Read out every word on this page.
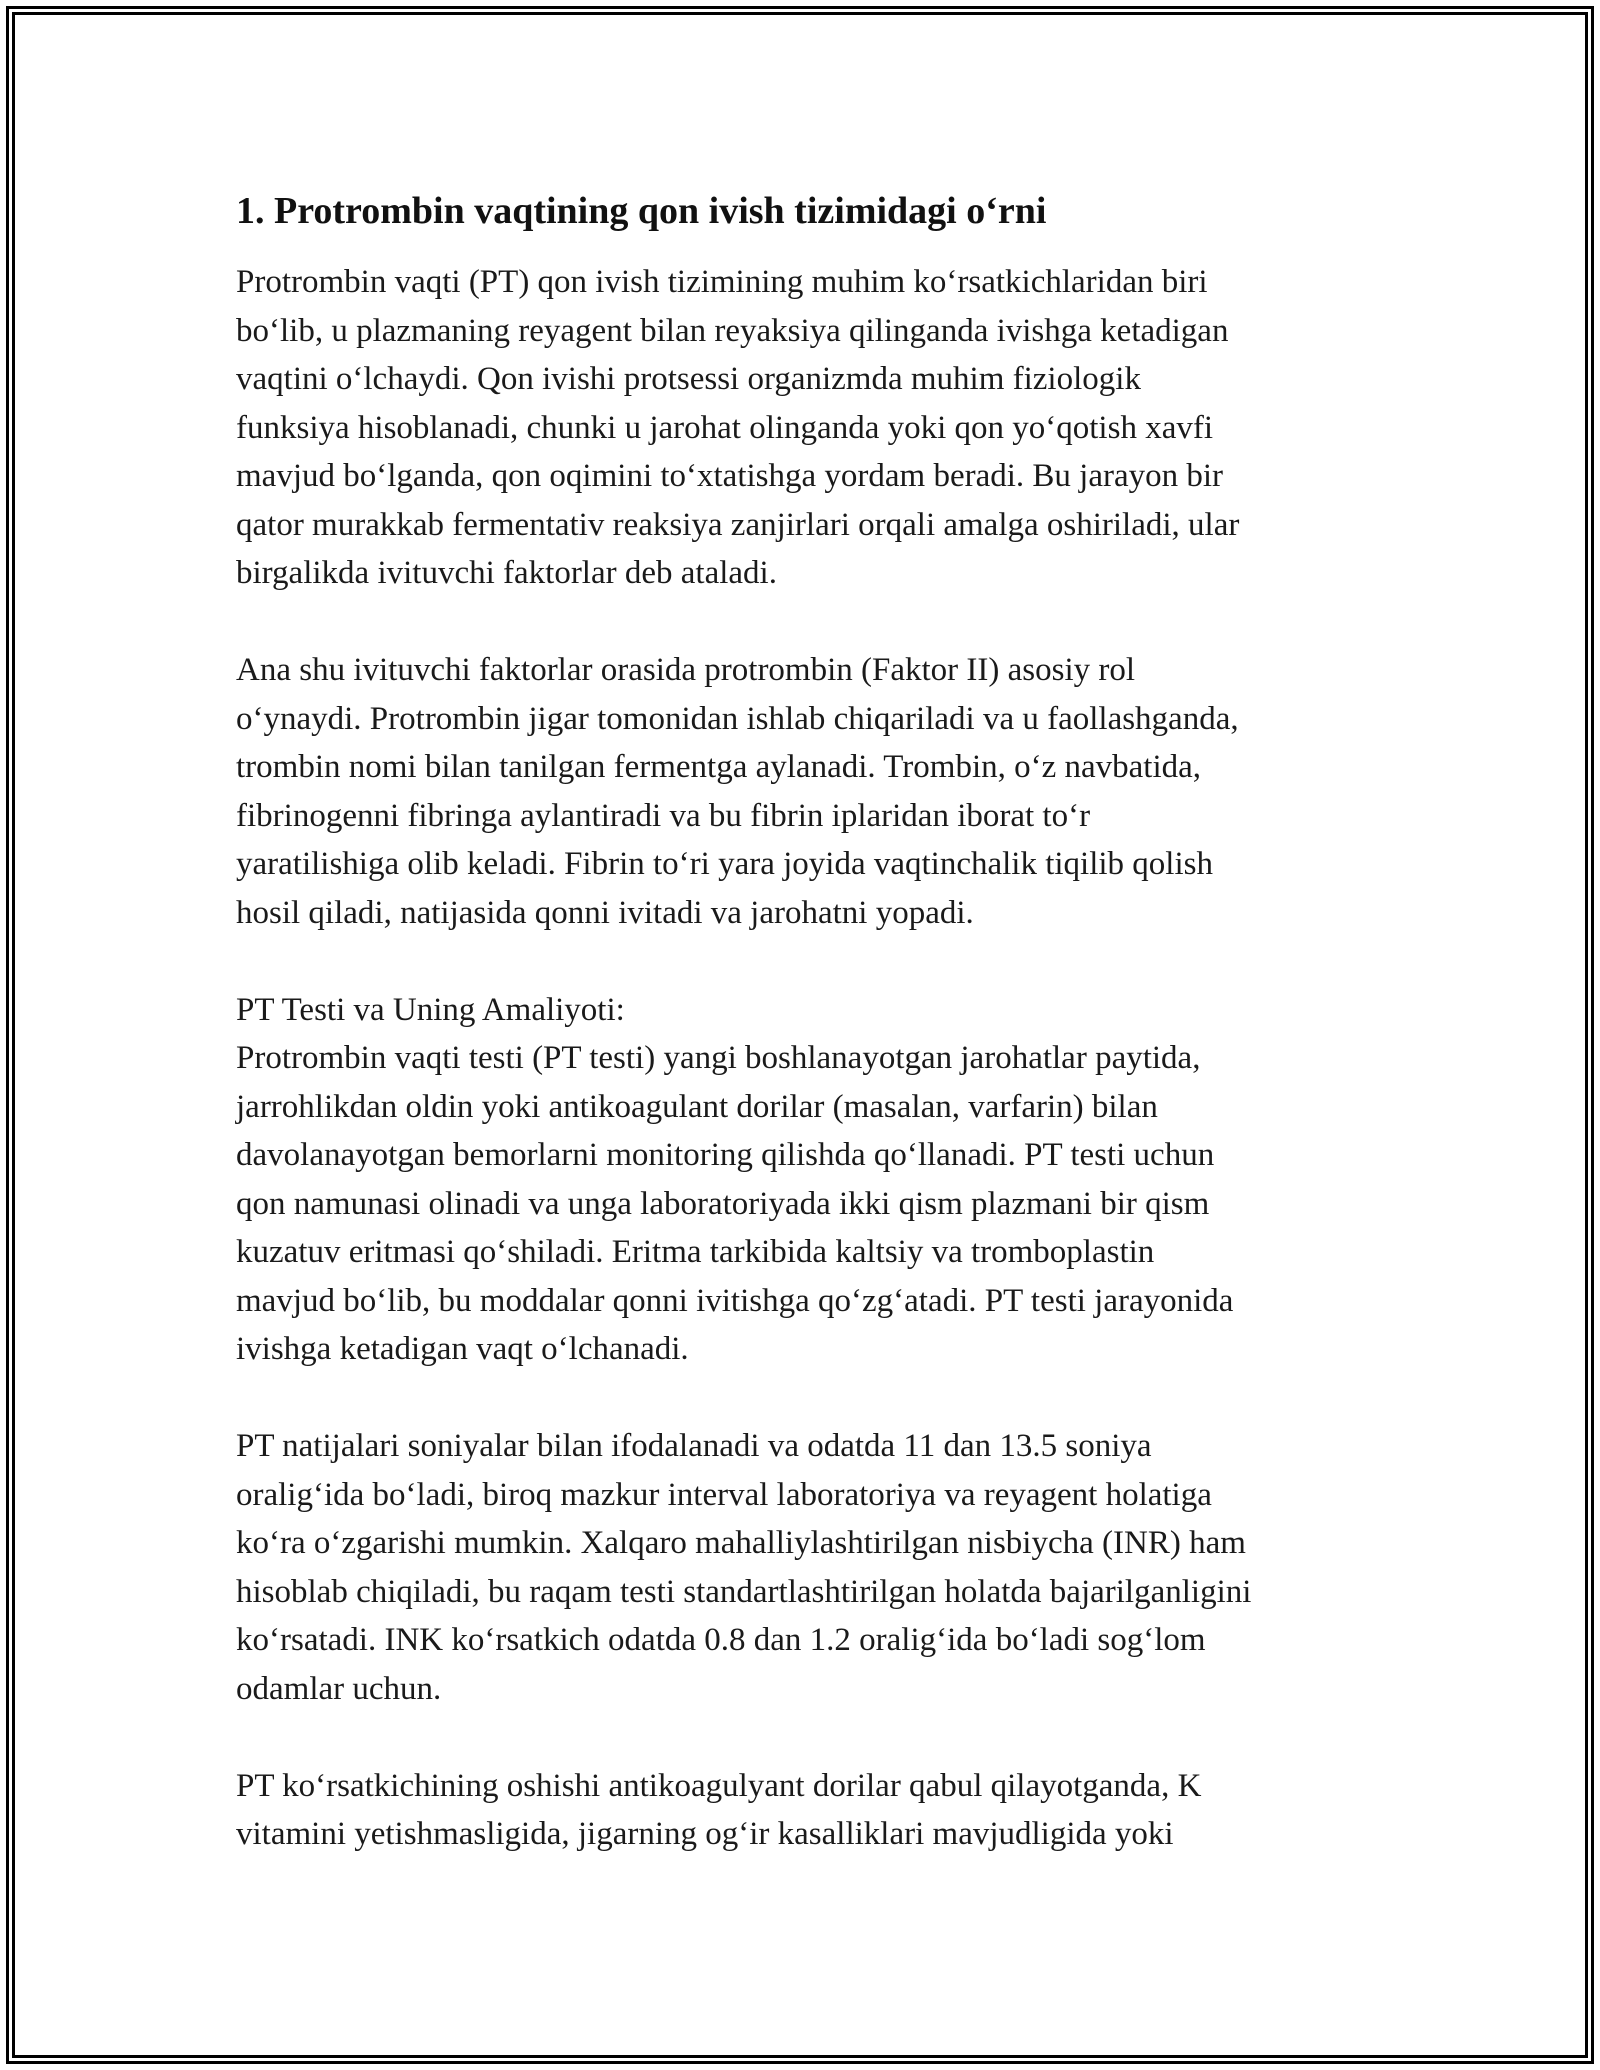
1. Protrombin vaqtining qon ivish tizimidagi o‘rni

Protrombin vaqti (PT) qon ivish tizimining muhim ko‘rsatkichlaridan biri
bo‘lib, u plazmaning reyagent bilan reyaksiya qilinganda ivishga ketadigan
vaqtini o‘lchaydi. Qon ivishi protsessi organizmda muhim fiziologik
funksiya hisoblanadi, chunki u jarohat olinganda yoki qon yo‘qotish xavfi
mavjud bo‘lganda, qon oqimini to‘xtatishga yordam beradi. Bu jarayon bir
qator murakkab fermentativ reaksiya zanjirlari orqali amalga oshiriladi, ular
birgalikda ivituvchi faktorlar deb ataladi.

Ana shu ivituvchi faktorlar orasida protrombin (Faktor II) asosiy rol
o‘ynaydi. Protrombin jigar tomonidan ishlab chiqariladi va u faollashganda,
trombin nomi bilan tanilgan fermentga aylanadi. Trombin, o‘z navbatida,
fibrinogenni fibringa aylantiradi va bu fibrin iplaridan iborat to‘r
yaratilishiga olib keladi. Fibrin to‘ri yara joyida vaqtinchalik tiqilib qolish
hosil qiladi, natijasida qonni ivitadi va jarohatni yopadi.

PT Testi va Uning Amaliyoti:

Protrombin vaqti testi (PT testi) yangi boshlanayotgan jarohatlar paytida,
jarrohlikdan oldin yoki antikoagulant dorilar (masalan, varfarin) bilan
davolanayotgan bemorlarni monitoring qilishda qo‘llanadi. PT testi uchun
qon namunasi olinadi va unga laboratoriyada ikki qism plazmani bir qism
kuzatuv eritmasi qo‘shiladi. Eritma tarkibida kaltsiy va tromboplastin
mavjud bo‘lib, bu moddalar qonni ivitishga qo‘zg‘atadi. PT testi jarayonida
ivishga ketadigan vaqt o‘lchanadi.

PT natijalari soniyalar bilan ifodalanadi va odatda 11 dan 13.5 soniya
oralig‘ida bo‘ladi, biroq mazkur interval laboratoriya va reyagent holatiga
ko‘ra o‘zgarishi mumkin. Xalqaro mahalliylashtirilgan nisbiycha (INR) ham
hisoblab chiqiladi, bu raqam testi standartlashtirilgan holatda bajarilganligini
ko‘rsatadi. INK ko‘rsatkich odatda 0.8 dan 1.2 oralig‘ida bo‘ladi sog‘lom
odamlar uchun.

PT ko‘rsatkichining oshishi antikoagulyant dorilar qabul qilayotganda, K
vitamini yetishmasligida, jigarning og‘ir kasalliklari mavjudligida yoki
